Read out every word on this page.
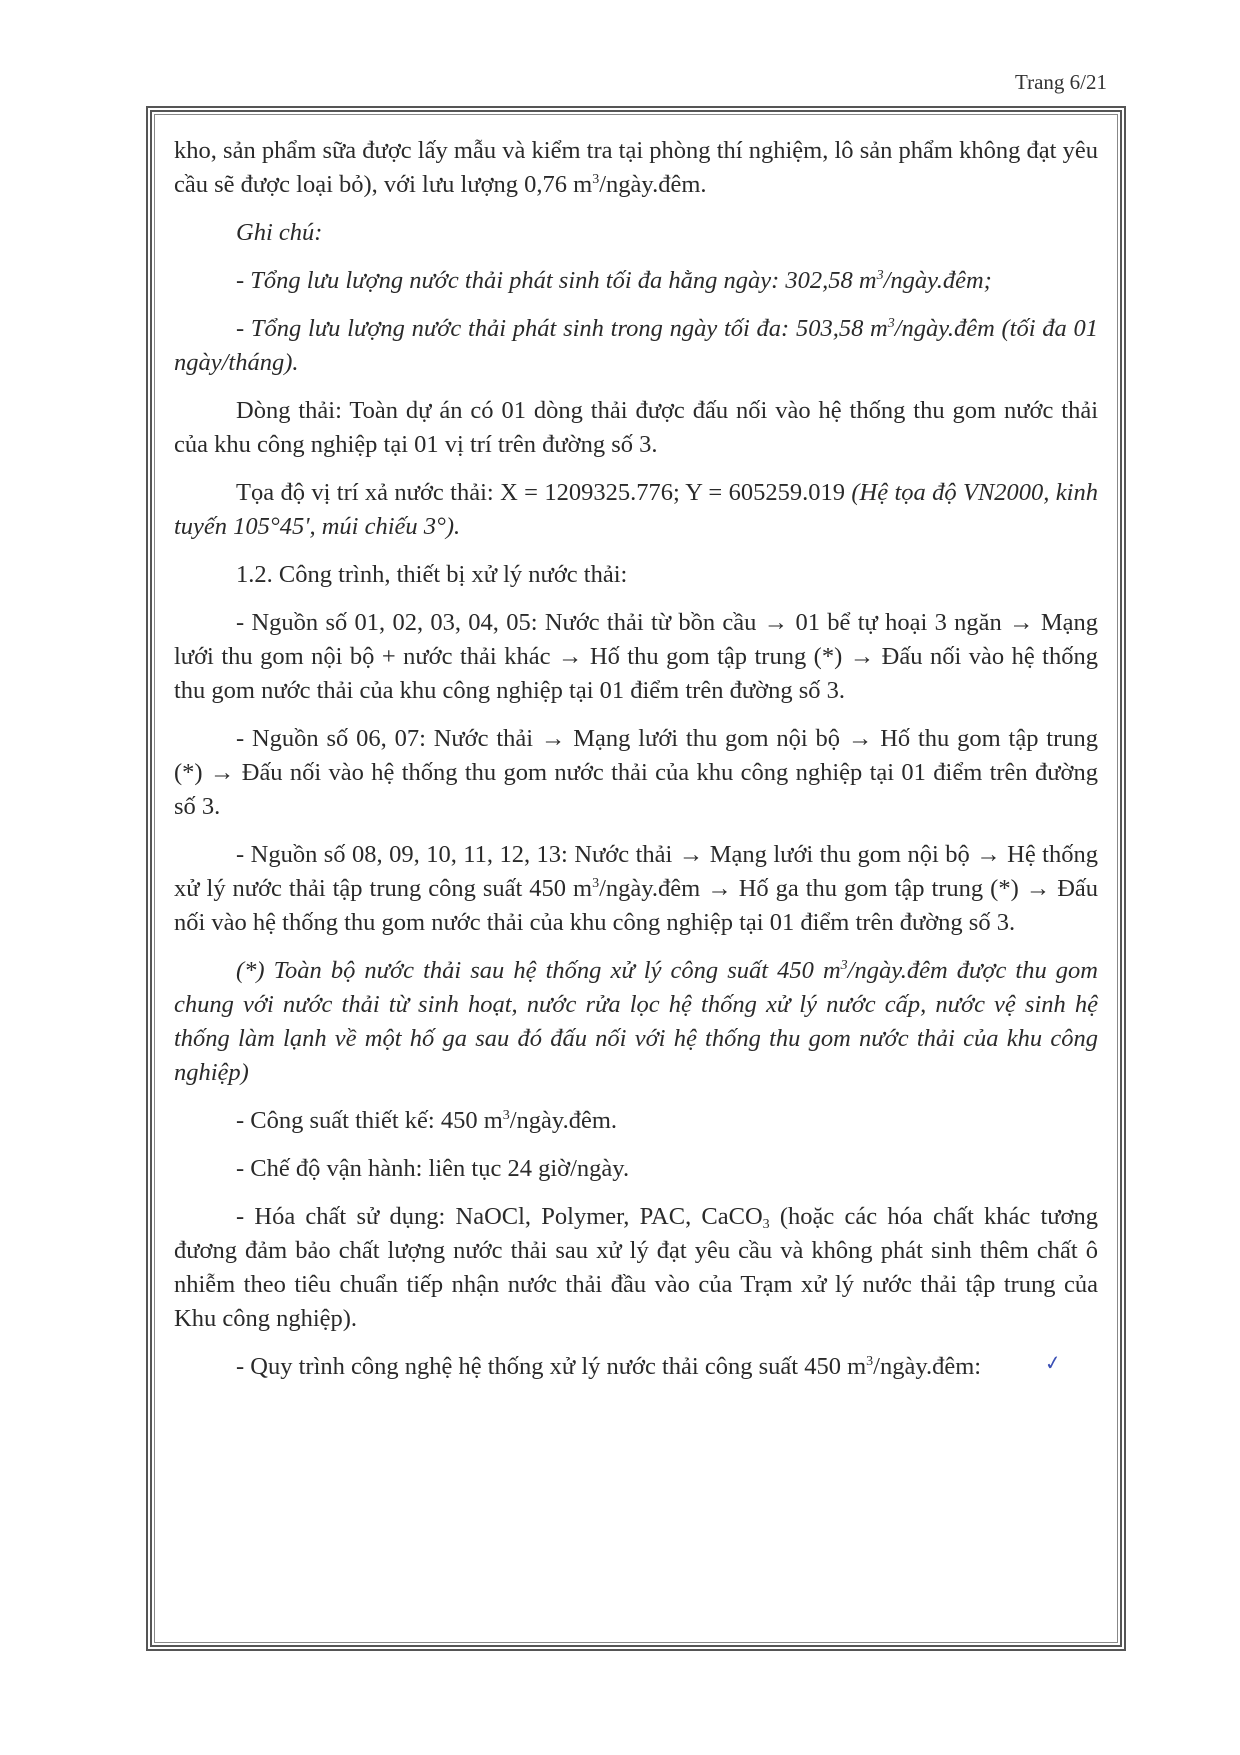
Trang 6/21

kho, sản phẩm sữa được lấy mẫu và kiểm tra tại phòng thí nghiệm, lô sản phẩm không đạt yêu cầu sẽ được loại bỏ), với lưu lượng 0,76 $m^3/ngày.đêm$.

Ghi chú:

- Tổng lưu lượng nước thải phát sinh tối đa hằng ngày: 302,58 $m^3/ngày.đêm$;

- Tổng lưu lượng nước thải phát sinh trong ngày tối đa: 503,58 $m^3/ngày.đêm$ (tối đa 01 ngày/tháng).

Dòng thải: Toàn dự án có 01 dòng thải được đấu nối vào hệ thống thu gom nước thải của khu công nghiệp tại 01 vị trí trên đường số 3.

Tọa độ vị trí xả nước thải: X = 1209325.776; Y = 605259.019 (Hệ tọa độ VN2000, kinh tuyến 105°45', múi chiếu 3°).

1.2. Công trình, thiết bị xử lý nước thải:

- Nguồn số 01, 02, 03, 04, 05: Nước thải từ bồn cầu → 01 bể tự hoại 3 ngăn → Mạng lưới thu gom nội bộ + nước thải khác → Hố thu gom tập trung (*) → Đấu nối vào hệ thống thu gom nước thải của khu công nghiệp tại 01 điểm trên đường số 3.

- Nguồn số 06, 07: Nước thải → Mạng lưới thu gom nội bộ → Hố thu gom tập trung (*) → Đấu nối vào hệ thống thu gom nước thải của khu công nghiệp tại 01 điểm trên đường số 3.

- Nguồn số 08, 09, 10, 11, 12, 13: Nước thải → Mạng lưới thu gom nội bộ → Hệ thống xử lý nước thải tập trung công suất 450 $m^3/ngày.đêm$ → Hố ga thu gom tập trung (*) → Đấu nối vào hệ thống thu gom nước thải của khu công nghiệp tại 01 điểm trên đường số 3.

(*) Toàn bộ nước thải sau hệ thống xử lý công suất 450 $m^3/ngày.đêm$ được thu gom chung với nước thải từ sinh hoạt, nước rửa lọc hệ thống xử lý nước cấp, nước vệ sinh hệ thống làm lạnh về một hố ga sau đó đấu nối với hệ thống thu gom nước thải của khu công nghiệp)

- Công suất thiết kế: 450 $m^3/ngày.đêm$.

- Chế độ vận hành: liên tục 24 giờ/ngày.

- Hóa chất sử dụng: NaOCl, Polymer, PAC, CaCO$_3$ (hoặc các hóa chất khác tương đương đảm bảo chất lượng nước thải sau xử lý đạt yêu cầu và không phát sinh thêm chất ô nhiễm theo tiêu chuẩn tiếp nhận nước thải đầu vào của Trạm xử lý nước thải tập trung của Khu công nghiệp).

- Quy trình công nghệ hệ thống xử lý nước thải công suất 450 $m^3/ngày.đêm$:	✓
